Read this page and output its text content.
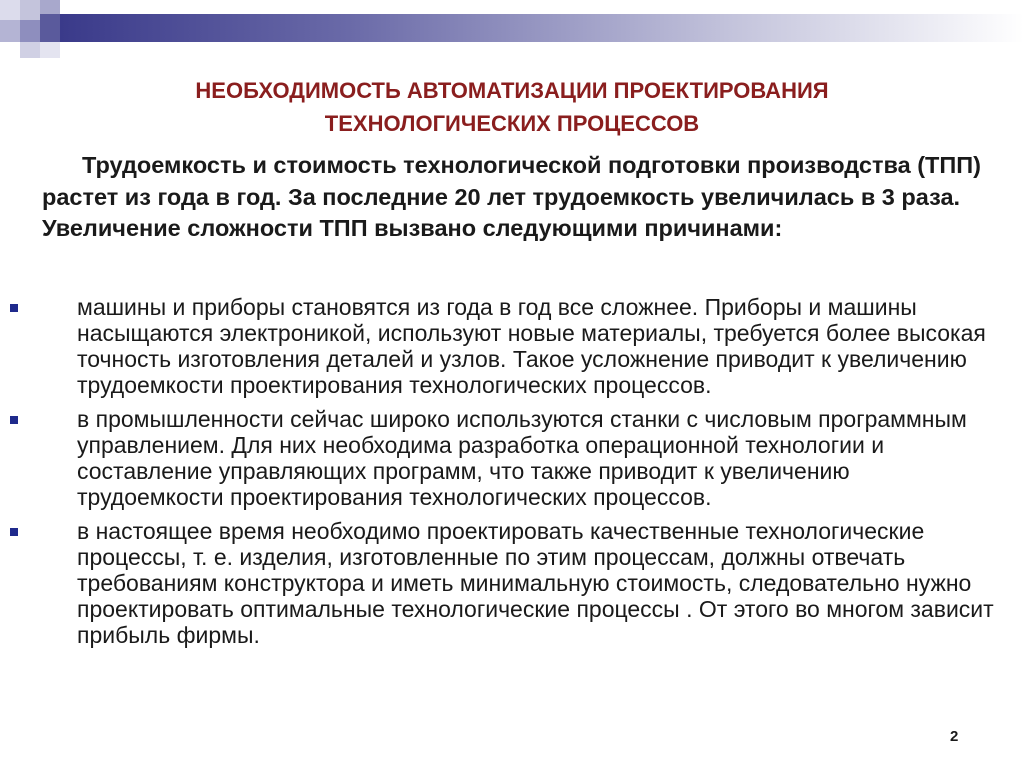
НЕОБХОДИМОСТЬ АВТОМАТИЗАЦИИ ПРОЕКТИРОВАНИЯ
ТЕХНОЛОГИЧЕСКИХ ПРОЦЕССОВ

Трудоемкость и стоимость технологической подготовки производства (ТПП) растет из года в год. За последние 20 лет трудоемкость увеличилась в 3 раза. Увеличение сложности ТПП вызвано следующими причинами:

машины и приборы становятся из года в год все сложнее. Приборы и машины насыщаются электроникой, используют новые материалы, требуется более высокая точность изготовления деталей и узлов. Такое усложнение приводит к увеличению трудоемкости проектирования технологических процессов.
в промышленности сейчас широко используются станки с числовым программным управлением. Для них необходима разработка операционной технологии и составление управляющих программ, что также приводит к увеличению трудоемкости проектирования технологических процессов.
в настоящее время необходимо проектировать качественные технологические процессы, т. е. изделия, изготовленные по этим процессам, должны отвечать требованиям конструктора и иметь минимальную стоимость, следовательно нужно проектировать оптимальные технологические процессы . От этого во многом зависит прибыль фирмы.
2
